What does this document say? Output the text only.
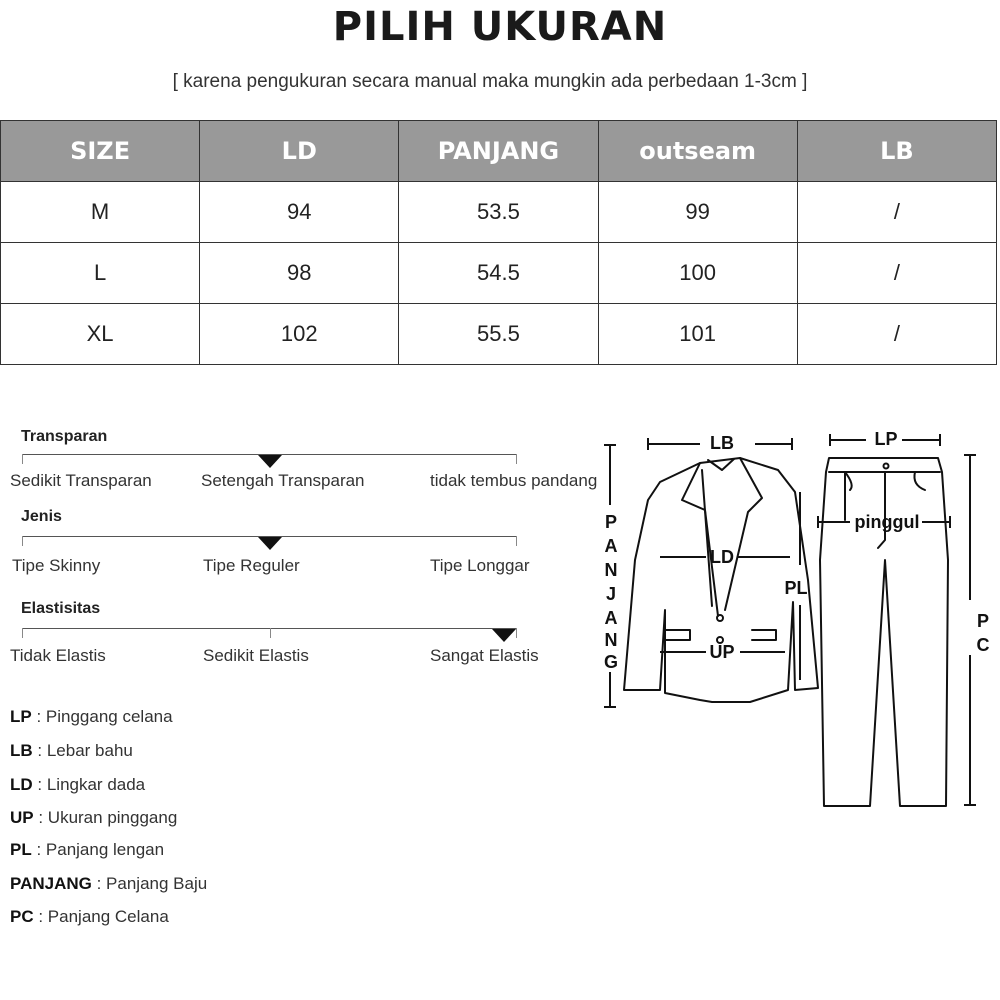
PILIH UKURAN
[ karena pengukuran secara manual maka mungkin ada perbedaan 1-3cm ]
SIZE	LD	PANJANG	outseam	LB
M	94	53.5	99	/
L	98	54.5	100	/
XL	102	55.5	101	/
Transparan
Sedikit Transparan	Setengah Transparan	tidak tembus pandang
Jenis
Tipe Skinny	Tipe Reguler	Tipe Longgar
Elastisitas
Tidak Elastis	Sedikit Elastis	Sangat Elastis
LP : Pinggang celana
LB : Lebar bahu
LD : Lingkar dada
UP : Ukuran pinggang
PL : Panjang lengan
PANJANG : Panjang Baju
PC : Panjang Celana
LB	LP
pinggul
LD
UP
PL
P
A
N
J
A
N
G
P
C
